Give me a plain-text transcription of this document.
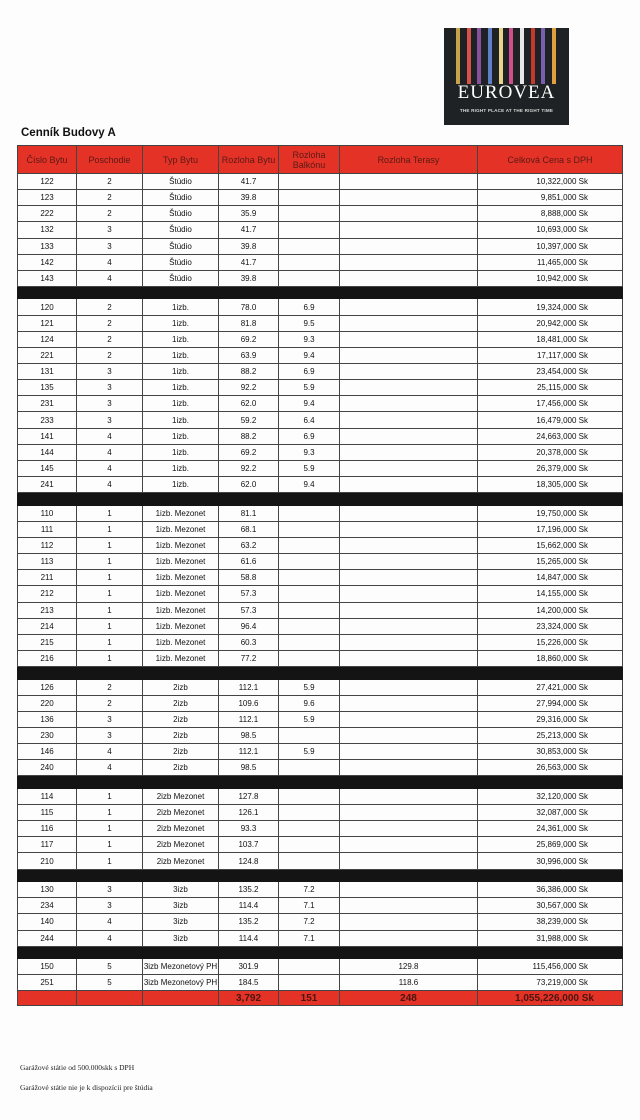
EUROVEA
THE RIGHT PLACE AT THE RIGHT TIME
Cenník Budovy A
Číslo Bytu	Poschodie	Typ Bytu	Rozloha Bytu	Rozloha Balkónu	Rozloha Terasy	Celková Cena s DPH
122	2	Štúdio	41.7			10,322,000 Sk
123	2	Štúdio	39.8			9,851,000 Sk
222	2	Štúdio	35.9			8,888,000 Sk
132	3	Štúdio	41.7			10,693,000 Sk
133	3	Štúdio	39.8			10,397,000 Sk
142	4	Štúdio	41.7			11,465,000 Sk
143	4	Štúdio	39.8			10,942,000 Sk

120	2	1izb.	78.0	6.9		19,324,000 Sk
121	2	1izb.	81.8	9.5		20,942,000 Sk
124	2	1izb.	69.2	9.3		18,481,000 Sk
221	2	1izb.	63.9	9.4		17,117,000 Sk
131	3	1izb.	88.2	6.9		23,454,000 Sk
135	3	1izb.	92.2	5.9		25,115,000 Sk
231	3	1izb.	62.0	9.4		17,456,000 Sk
233	3	1izb.	59.2	6.4		16,479,000 Sk
141	4	1izb.	88.2	6.9		24,663,000 Sk
144	4	1izb.	69.2	9.3		20,378,000 Sk
145	4	1izb.	92.2	5.9		26,379,000 Sk
241	4	1izb.	62.0	9.4		18,305,000 Sk

110	1	1izb. Mezonet	81.1			19,750,000 Sk
111	1	1izb. Mezonet	68.1			17,196,000 Sk
112	1	1izb. Mezonet	63.2			15,662,000 Sk
113	1	1izb. Mezonet	61.6			15,265,000 Sk
211	1	1izb. Mezonet	58.8			14,847,000 Sk
212	1	1izb. Mezonet	57.3			14,155,000 Sk
213	1	1izb. Mezonet	57.3			14,200,000 Sk
214	1	1izb. Mezonet	96.4			23,324,000 Sk
215	1	1izb. Mezonet	60.3			15,226,000 Sk
216	1	1izb. Mezonet	77.2			18,860,000 Sk

126	2	2izb	112.1	5.9		27,421,000 Sk
220	2	2izb	109.6	9.6		27,994,000 Sk
136	3	2izb	112.1	5.9		29,316,000 Sk
230	3	2izb	98.5			25,213,000 Sk
146	4	2izb	112.1	5.9		30,853,000 Sk
240	4	2izb	98.5			26,563,000 Sk

114	1	2izb Mezonet	127.8			32,120,000 Sk
115	1	2izb Mezonet	126.1			32,087,000 Sk
116	1	2izb Mezonet	93.3			24,361,000 Sk
117	1	2izb Mezonet	103.7			25,869,000 Sk
210	1	2izb Mezonet	124.8			30,996,000 Sk

130	3	3izb	135.2	7.2		36,386,000 Sk
234	3	3izb	114.4	7.1		30,567,000 Sk
140	4	3izb	135.2	7.2		38,239,000 Sk
244	4	3izb	114.4	7.1		31,988,000 Sk

150	5	3izb Mezonetový PH	301.9		129.8	115,456,000 Sk
251	5	3izb Mezonetový PH	184.5		118.6	73,219,000 Sk
			3,792	151	248	1,055,226,000 Sk
Garážové státie od 500.000skk s DPH
Garážové státie nie je k dispozícii pre štúdia
